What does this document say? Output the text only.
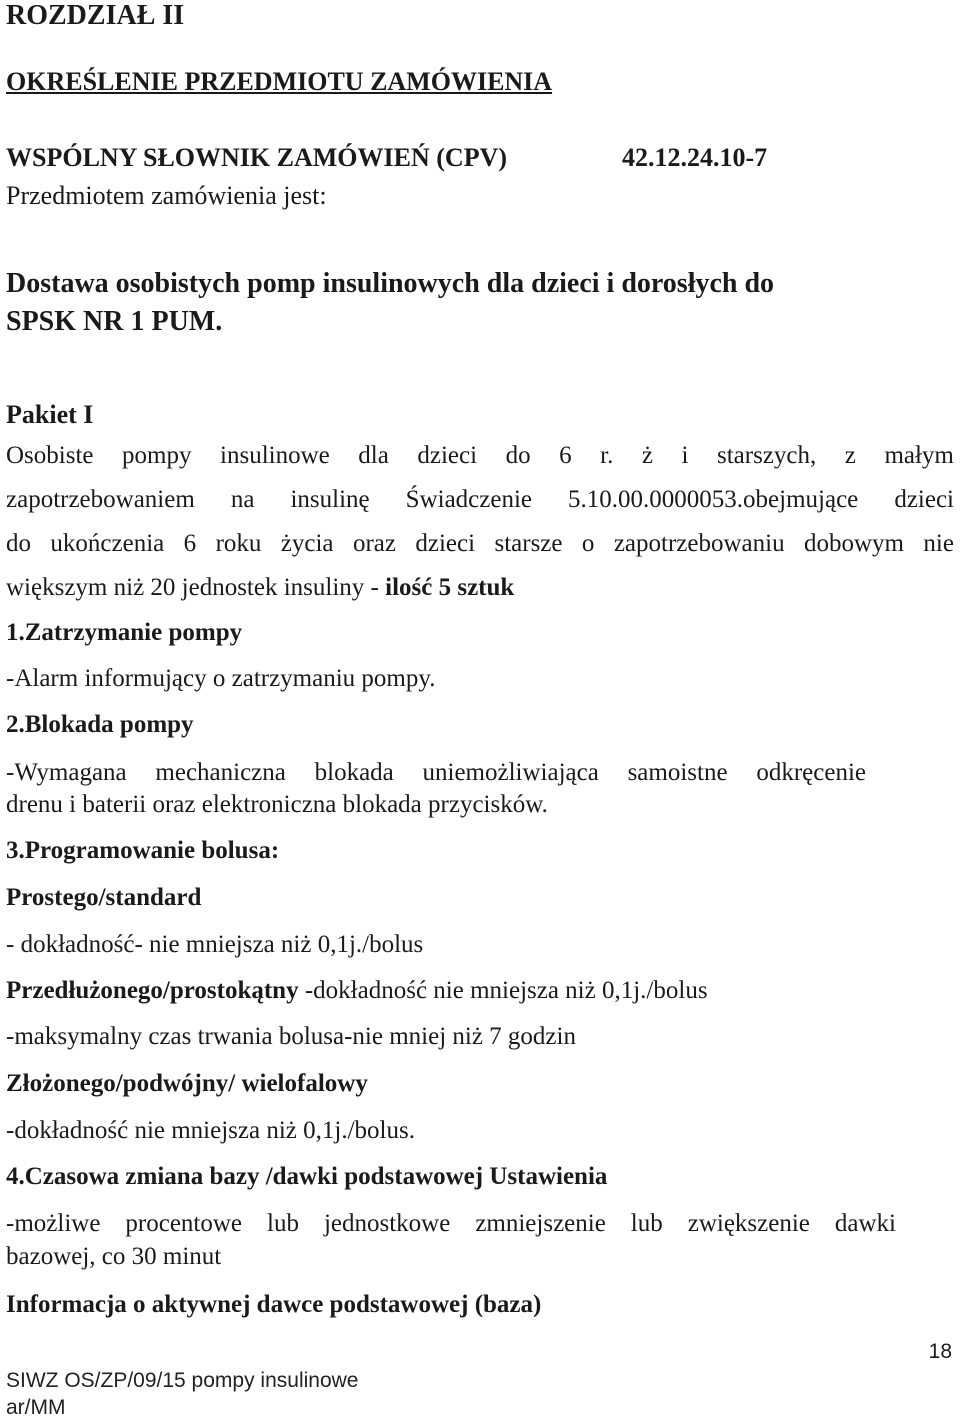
ROZDZIAŁ II
OKREŚLENIE PRZEDMIOTU ZAMÓWIENIA
WSPÓLNY SŁOWNIK ZAMÓWIEŃ (CPV)	42.12.24.10-7
Przedmiotem zamówienia jest:
Dostawa osobistych pomp insulinowych dla dzieci i dorosłych do
SPSK NR 1 PUM.
Pakiet I
Osobiste pompy insulinowe dla dzieci do 6 r. ż i starszych, z małym
zapotrzebowaniem na insulinę Świadczenie 5.10.00.0000053.obejmujące dzieci
do ukończenia 6 roku życia oraz dzieci starsze o zapotrzebowaniu dobowym nie
większym niż 20 jednostek insuliny - ilość 5 sztuk
1.Zatrzymanie pompy
-Alarm informujący o zatrzymaniu pompy.
2.Blokada pompy
-Wymagana mechaniczna blokada uniemożliwiająca samoistne odkręcenie
drenu i baterii oraz elektroniczna blokada przycisków.
3.Programowanie bolusa:
Prostego/standard
- dokładność- nie mniejsza niż 0,1j./bolus
Przedłużonego/prostokątny -dokładność nie mniejsza niż 0,1j./bolus
-maksymalny czas trwania bolusa-nie mniej niż 7 godzin
Złożonego/podwójny/ wielofalowy
-dokładność nie mniejsza niż 0,1j./bolus.
4.Czasowa zmiana bazy /dawki podstawowej Ustawienia
-możliwe procentowe lub jednostkowe zmniejszenie lub zwiększenie dawki
bazowej, co 30 minut
Informacja o aktywnej dawce podstawowej (baza)
18
SIWZ OS/ZP/09/15 pompy insulinowe
ar/MM
